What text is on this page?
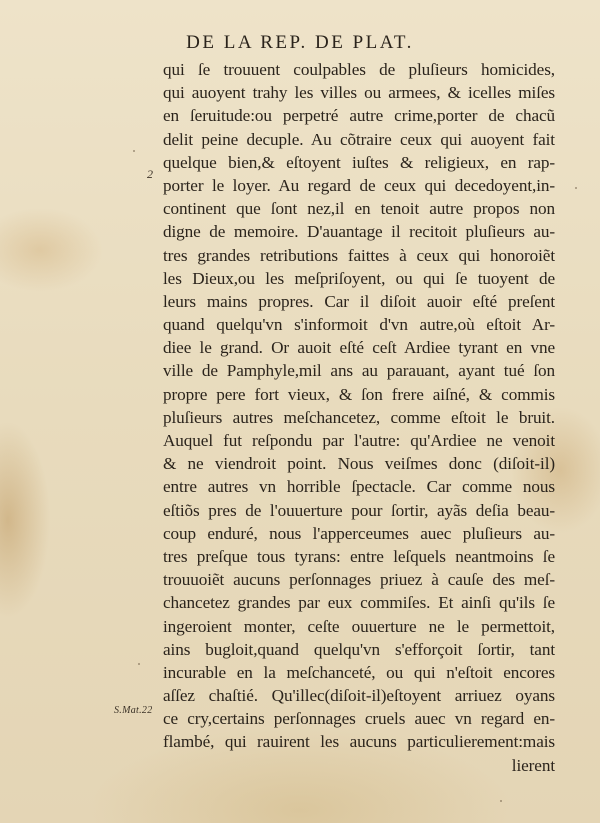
DE LA REP. DE PLAT.
2
S.Mat.22
qui ſe trouuent coulpables de pluſieurs homicides,
qui auoyent trahy les villes ou armees, & icelles miſes
en ſeruitude:ou perpetré autre crime,porter de chacũ
delit peine decuple. Au cõtraire ceux qui auoyent fait
quelque bien,& eſtoyent iuſtes & religieux, en rap-
porter le loyer. Au regard de ceux qui decedoyent,in-
continent que ſont nez,il en tenoit autre propos non
digne de memoire. D'auantage il recitoit pluſieurs au-
tres grandes retributions faittes à ceux qui honoroiẽt
les Dieux,ou les meſpriſoyent, ou qui ſe tuoyent de
leurs mains propres. Car il diſoit auoir eſté preſent
quand quelqu'vn s'informoit d'vn autre,où eſtoit Ar-
diee le grand. Or auoit eſté ceſt Ardiee tyrant en vne
ville de Pamphyle,mil ans au parauant, ayant tué ſon
propre pere fort vieux, & ſon frere aiſné, & commis
pluſieurs autres meſchancetez, comme eſtoit le bruit.
Auquel fut reſpondu par l'autre: qu'Ardiee ne venoit
& ne viendroit point. Nous veiſmes donc (diſoit-il)
entre autres vn horrible ſpectacle. Car comme nous
eſtiõs pres de l'ouuerture pour ſortir, ayãs deſia beau-
coup enduré, nous l'apperceumes auec pluſieurs au-
tres preſque tous tyrans: entre leſquels neantmoins ſe
trouuoiẽt aucuns perſonnages priuez à cauſe des meſ-
chancetez grandes par eux commiſes. Et ainſi qu'ils ſe
ingeroient monter, ceſte ouuerture ne le permettoit,
ains bugloit,quand quelqu'vn s'efforçoit ſortir, tant
incurable en la meſchanceté, ou qui n'eſtoit encores
aſſez chaſtié. Qu'illec(diſoit-il)eſtoyent arriuez oyans
ce cry,certains perſonnages cruels auec vn regard en-
flambé, qui rauirent les aucuns particulierement:mais
lierent
